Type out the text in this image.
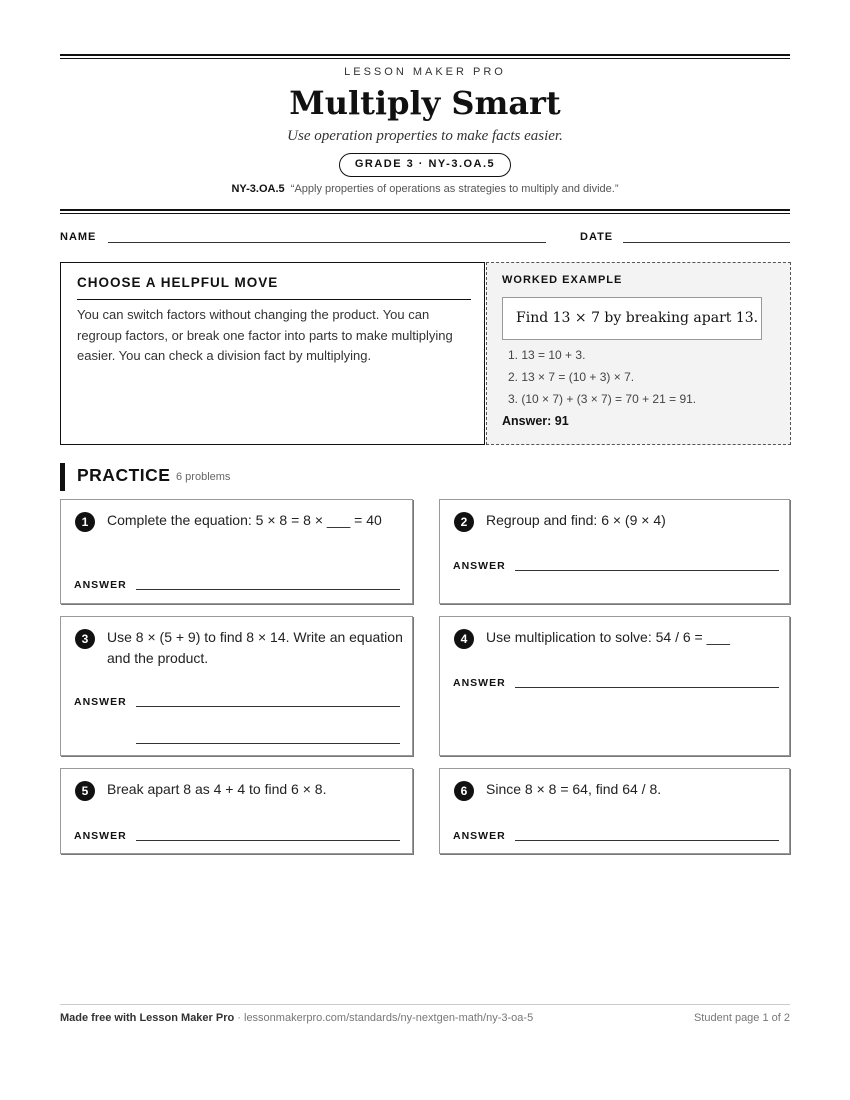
LESSON MAKER PRO
Multiply Smart
Use operation properties to make facts easier.
GRADE 3 · NY-3.OA.5
NY-3.OA.5 “Apply properties of operations as strategies to multiply and divide.”
NAME	DATE
CHOOSE A HELPFUL MOVE
You can switch factors without changing the product. You can regroup factors, or break one factor into parts to make multiplying easier. You can check a division fact by multiplying.
WORKED EXAMPLE
Find 13 × 7 by breaking apart 13.
1. 13 = 10 + 3.
2. 13 × 7 = (10 + 3) × 7.
3. (10 × 7) + (3 × 7) = 70 + 21 = 91.
Answer: 91
PRACTICE 6 problems
1	Complete the equation: 5 × 8 = 8 × ___ = 40
ANSWER
2	Regroup and find: 6 × (9 × 4)
ANSWER
3	Use 8 × (5 + 9) to find 8 × 14. Write an equation and the product.
ANSWER
4	Use multiplication to solve: 54 / 6 = ___
ANSWER
5	Break apart 8 as 4 + 4 to find 6 × 8.
ANSWER
6	Since 8 × 8 = 64, find 64 / 8.
ANSWER
Made free with Lesson Maker Pro · lessonmakerpro.com/standards/ny-nextgen-math/ny-3-oa-5	Student page 1 of 2
